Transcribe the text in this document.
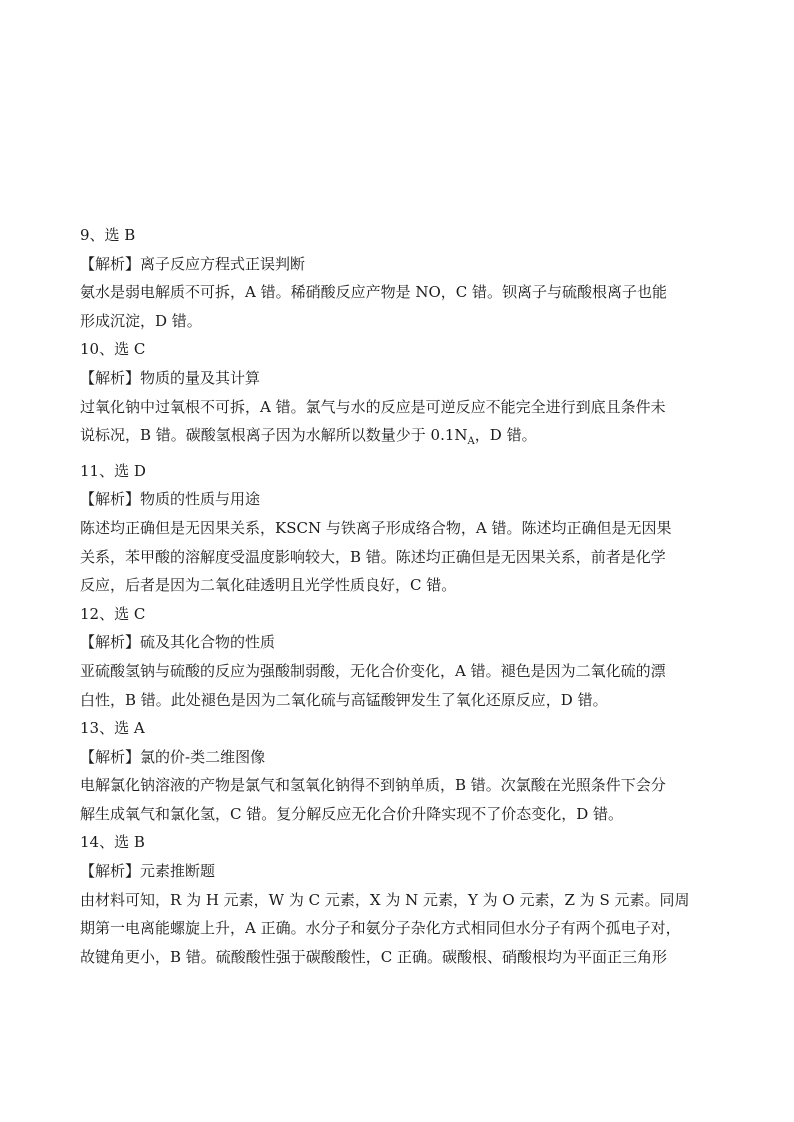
9、选 B
【解析】离子反应方程式正误判断
氨水是弱电解质不可拆，A 错。稀硝酸反应产物是 NO，C 错。钡离子与硫酸根离子也能
形成沉淀，D 错。
10、选 C
【解析】物质的量及其计算
过氧化钠中过氧根不可拆，A 错。氯气与水的反应是可逆反应不能完全进行到底且条件未
说标况，B 错。碳酸氢根离子因为水解所以数量少于 $0.1N_A$，D 错。
11、选 D
【解析】物质的性质与用途
陈述均正确但是无因果关系，KSCN 与铁离子形成络合物，A 错。陈述均正确但是无因果
关系，苯甲酸的溶解度受温度影响较大，B 错。陈述均正确但是无因果关系，前者是化学
反应，后者是因为二氧化硅透明且光学性质良好，C 错。
12、选 C
【解析】硫及其化合物的性质
亚硫酸氢钠与硫酸的反应为强酸制弱酸，无化合价变化，A 错。褪色是因为二氧化硫的漂
白性，B 错。此处褪色是因为二氧化硫与高锰酸钾发生了氧化还原反应，D 错。
13、选 A
【解析】氯的价-类二维图像
电解氯化钠溶液的产物是氯气和氢氧化钠得不到钠单质，B 错。次氯酸在光照条件下会分
解生成氧气和氯化氢，C 错。复分解反应无化合价升降实现不了价态变化，D 错。
14、选 B
【解析】元素推断题
由材料可知，R 为 H 元素，W 为 C 元素，X 为 N 元素，Y 为 O 元素，Z 为 S 元素。同周
期第一电离能螺旋上升，A 正确。水分子和氨分子杂化方式相同但水分子有两个孤电子对，
故键角更小，B 错。硫酸酸性强于碳酸酸性，C 正确。碳酸根、硝酸根均为平面正三角形
